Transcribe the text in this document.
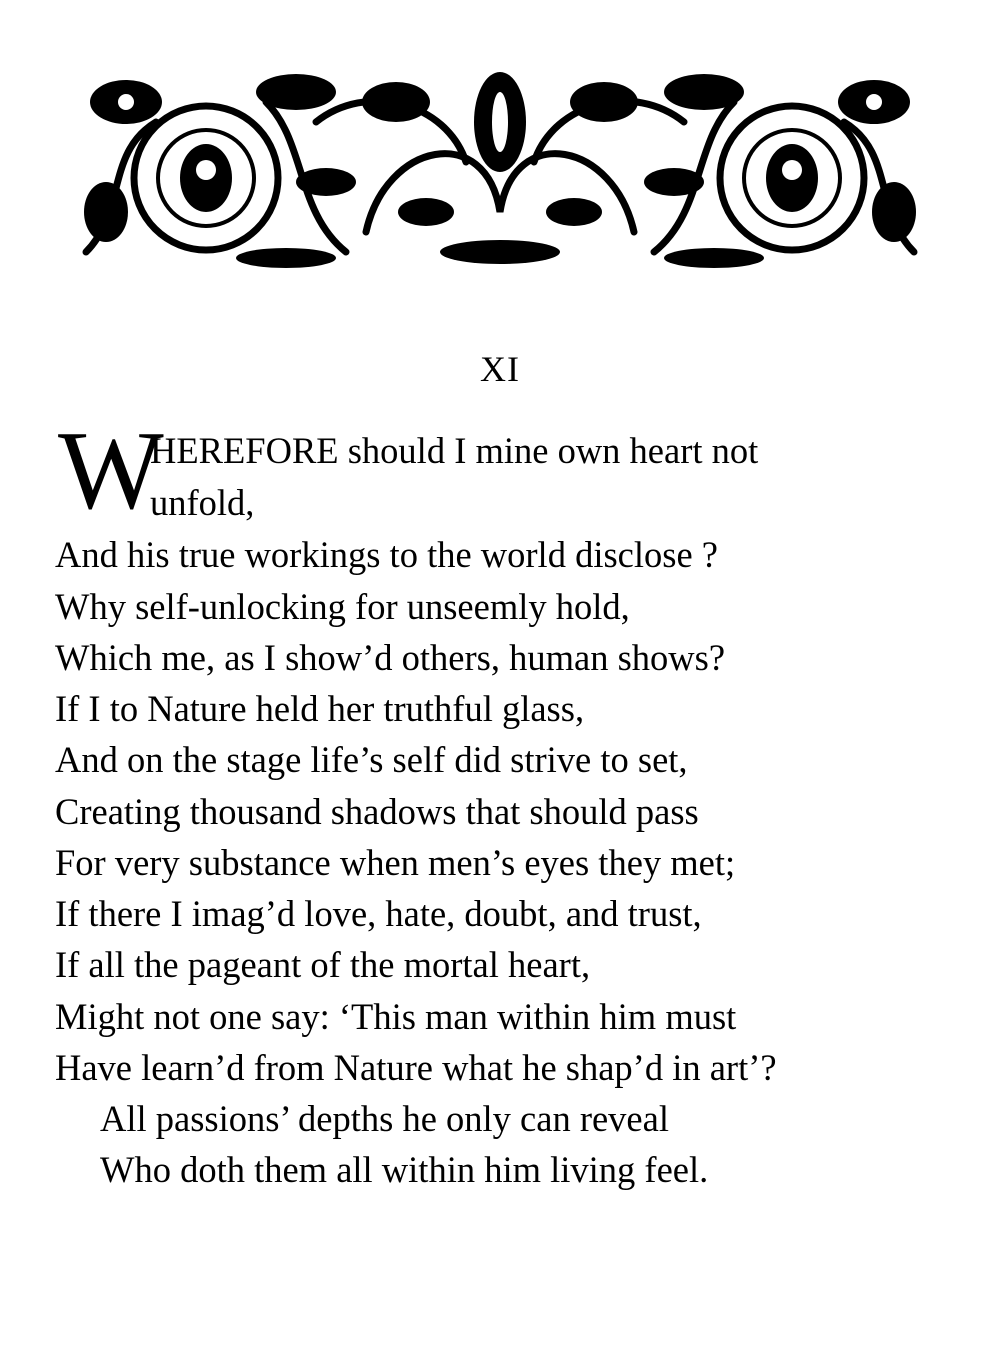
XI
W
HEREFORE should I mine own heart not
unfold,
And his true workings to the world disclose ?
Why self-unlocking for unseemly hold,
Which me, as I show’d others, human shows?
If I to Nature held her truthful glass,
And on the stage life’s self did strive to set,
Creating thousand shadows that should pass
For very substance when men’s eyes they met;
If there I imag’d love, hate, doubt, and trust,
If all the pageant of the mortal heart,
Might not one say: ‘This man within him must
Have learn’d from Nature what he shap’d in art’?
All passions’ depths he only can reveal
Who doth them all within him living feel.
